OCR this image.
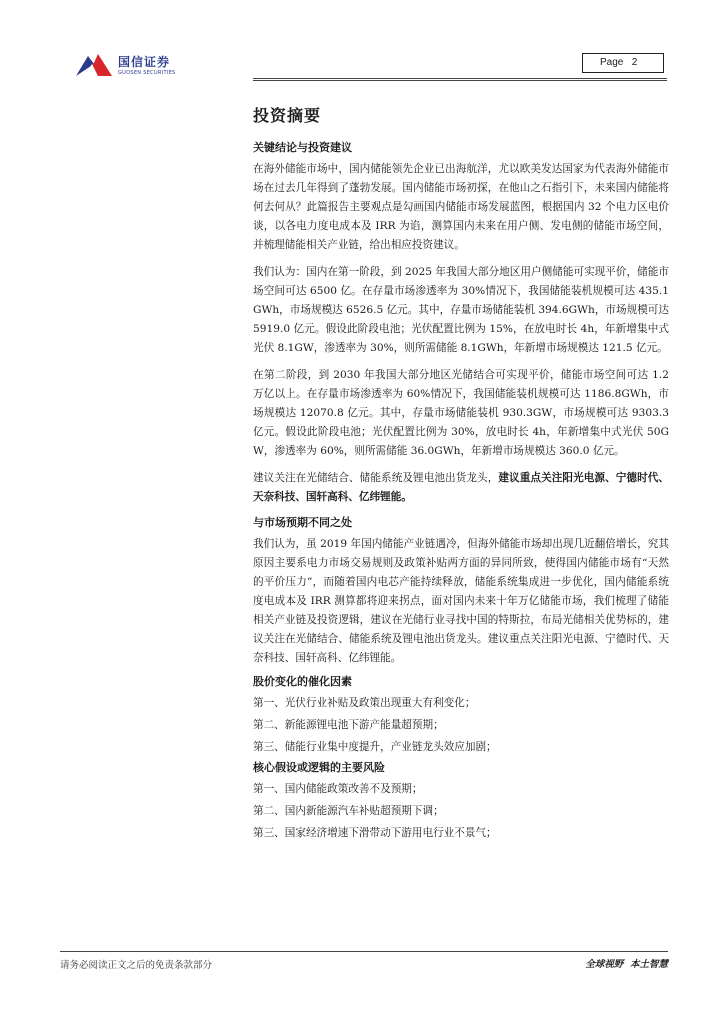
国信证券
GUOSEN SECURITIES
Page 2
投资摘要
关键结论与投资建议

在海外储能市场中，国内储能领先企业已出海航洋，尤以欧美发达国家为代表海外储能市场在过去几年得到了蓬勃发展。国内储能市场初探，在他山之石指引下，未来国内储能将何去何从？此篇报告主要观点是勾画国内储能市场发展蓝图，根据国内 32 个电力区电价谈，以各电力度电成本及 IRR 为谄，测算国内未来在用户侧、发电侧的储能市场空间，并梳理储能相关产业链，给出相应投资建议。

我们认为：国内在第一阶段，到 2025 年我国大部分地区用户侧储能可实现平价，储能市场空间可达 6500 亿。在存量市场渗透率为 30%情况下，我国储能装机规模可达 435.1GWh，市场规模达 6526.5 亿元。其中，存量市场储能装机 394.6GWh，市场规模可达 5919.0 亿元。假设此阶段电池；光伏配置比例为 15%，在放电时长 4h，年新增集中式光伏 8.1GW，渗透率为 30%，则所需储能 8.1GWh，年新增市场规模达 121.5 亿元。

在第二阶段，到 2030 年我国大部分地区光储结合可实现平价，储能市场空间可达 1.2 万亿以上。在存量市场渗透率为 60%情况下，我国储能装机规模可达 1186.8GWh，市场规模达 12070.8 亿元。其中，存量市场储能装机 930.3GW，市场规模可达 9303.3 亿元。假设此阶段电池；光伏配置比例为 30%，放电时长 4h，年新增集中式光伏 50GW，渗透率为 60%，则所需储能 36.0GWh，年新增市场规模达 360.0 亿元。

建议关注在光储结合、储能系统及锂电池出货龙头，建议重点关注阳光电源、宁德时代、天奈科技、国轩高科、亿纬锂能。

与市场预期不同之处

我们认为，虽 2019 年国内储能产业链遇冷，但海外储能市场却出现几近翻倍增长，究其原因主要系电力市场交易规则及政策补贴两方面的异同所致，使得国内储能市场有“天然的平价压力”，而随着国内电芯产能持续释放，储能系统集成进一步优化，国内储能系统度电成本及 IRR 测算都将迎来拐点，面对国内未来十年万亿储能市场，我们梳理了储能相关产业链及投资逻辑，建议在光储行业寻找中国的特斯拉，布局光储相关优势标的，建议关注在光储结合、储能系统及锂电池出货龙头。建议重点关注阳光电源、宁德时代、天奈科技、国轩高科、亿纬锂能。

股价变化的催化因素
第一、光伏行业补贴及政策出现重大有利变化；
第二、新能源锂电池下游产能量超预期；
第三、储能行业集中度提升，产业链龙头效应加剧；
核心假设或逻辑的主要风险
第一、国内储能政策改善不及预期；
第二、国内新能源汽车补贴超预期下调；
第三、国家经济增速下滑带动下游用电行业不景气；
请务必阅读正文之后的免责条款部分	全球视野  本土智慧
